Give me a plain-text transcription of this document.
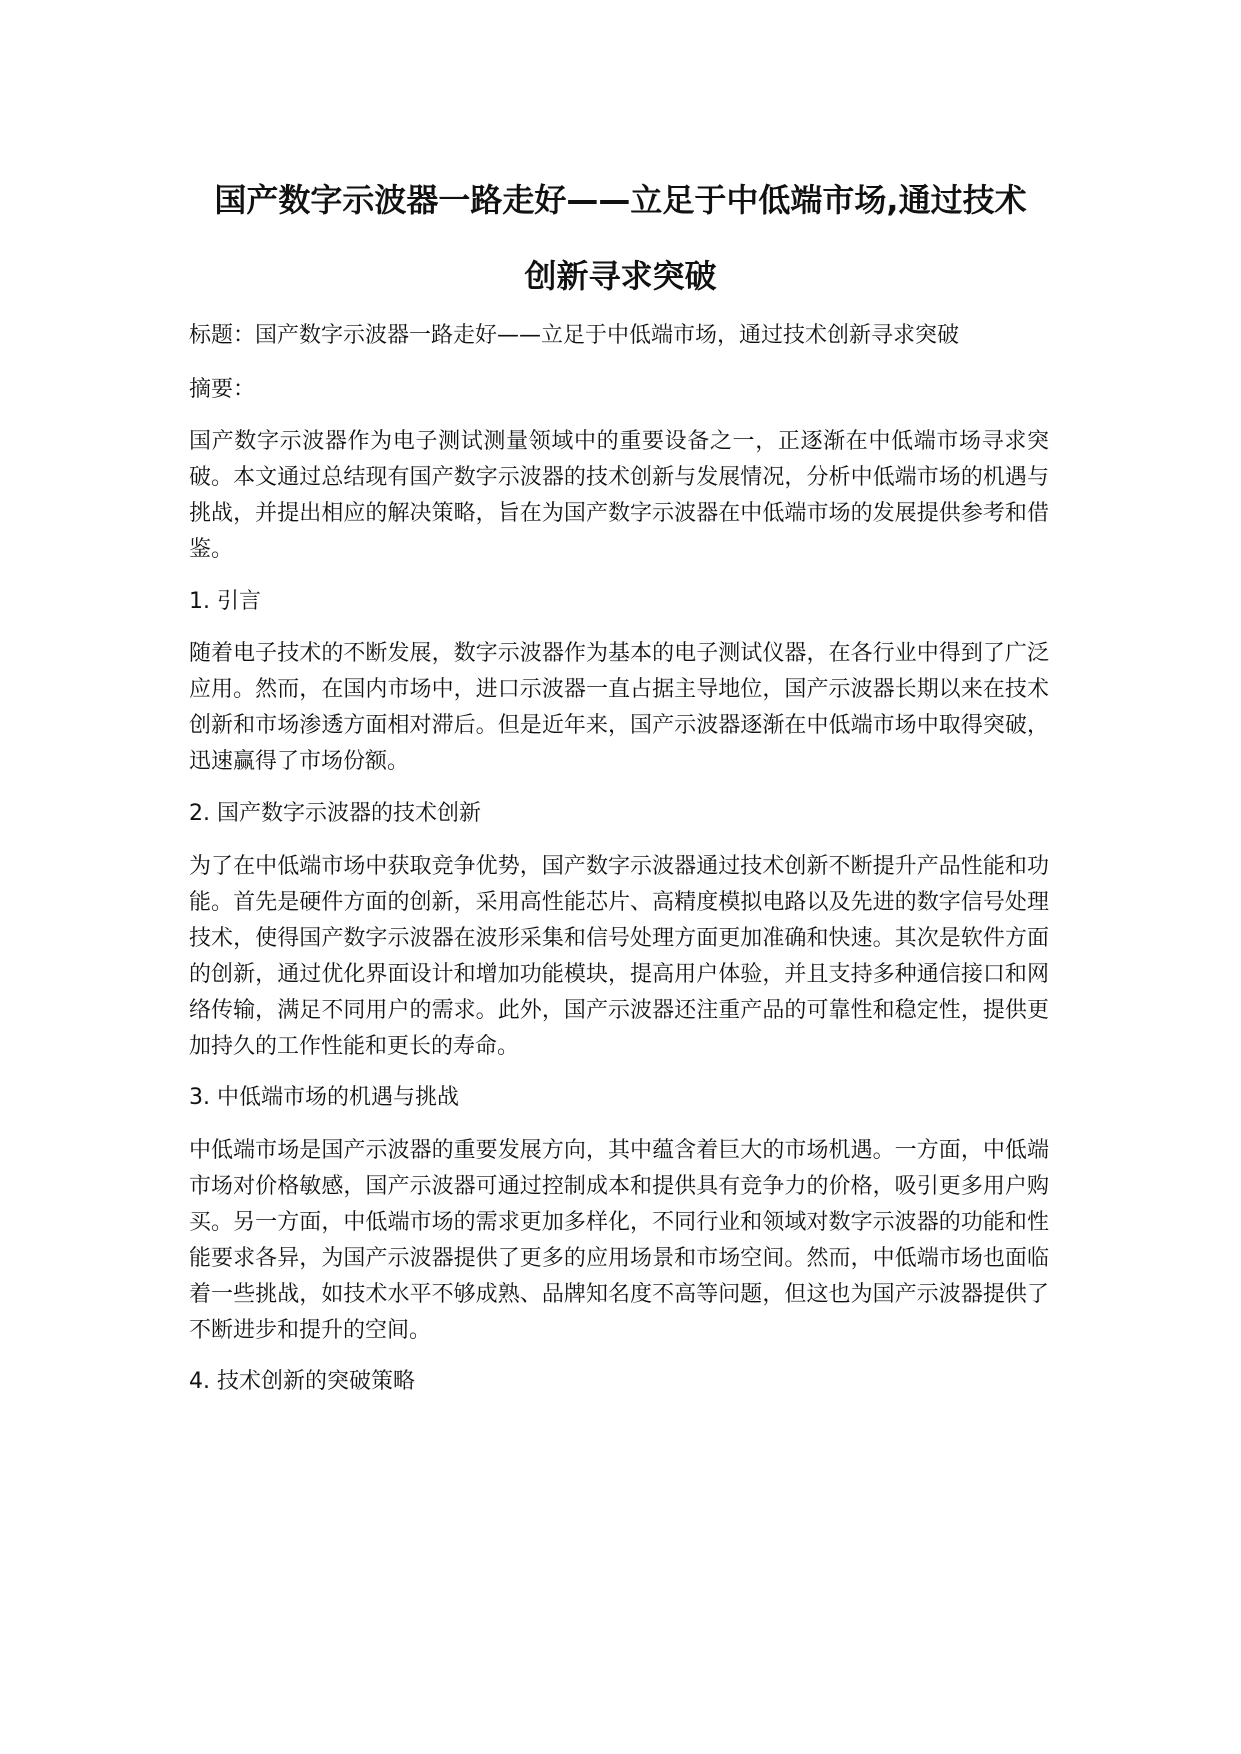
国产数字示波器一路走好——立足于中低端市场,通过技术
创新寻求突破

标题：国产数字示波器一路走好——立足于中低端市场，通过技术创新寻求突破

摘要：

国产数字示波器作为电子测试测量领域中的重要设备之一，正逐渐在中低端市场寻求突破。本文通过总结现有国产数字示波器的技术创新与发展情况，分析中低端市场的机遇与挑战，并提出相应的解决策略，旨在为国产数字示波器在中低端市场的发展提供参考和借鉴。

1. 引言

随着电子技术的不断发展，数字示波器作为基本的电子测试仪器，在各行业中得到了广泛应用。然而，在国内市场中，进口示波器一直占据主导地位，国产示波器长期以来在技术创新和市场渗透方面相对滞后。但是近年来，国产示波器逐渐在中低端市场中取得突破，迅速赢得了市场份额。

2. 国产数字示波器的技术创新

为了在中低端市场中获取竞争优势，国产数字示波器通过技术创新不断提升产品性能和功能。首先是硬件方面的创新，采用高性能芯片、高精度模拟电路以及先进的数字信号处理技术，使得国产数字示波器在波形采集和信号处理方面更加准确和快速。其次是软件方面的创新，通过优化界面设计和增加功能模块，提高用户体验，并且支持多种通信接口和网络传输，满足不同用户的需求。此外，国产示波器还注重产品的可靠性和稳定性，提供更加持久的工作性能和更长的寿命。

3. 中低端市场的机遇与挑战

中低端市场是国产示波器的重要发展方向，其中蕴含着巨大的市场机遇。一方面，中低端市场对价格敏感，国产示波器可通过控制成本和提供具有竞争力的价格，吸引更多用户购买。另一方面，中低端市场的需求更加多样化，不同行业和领域对数字示波器的功能和性能要求各异，为国产示波器提供了更多的应用场景和市场空间。然而，中低端市场也面临着一些挑战，如技术水平不够成熟、品牌知名度不高等问题，但这也为国产示波器提供了不断进步和提升的空间。

4. 技术创新的突破策略
